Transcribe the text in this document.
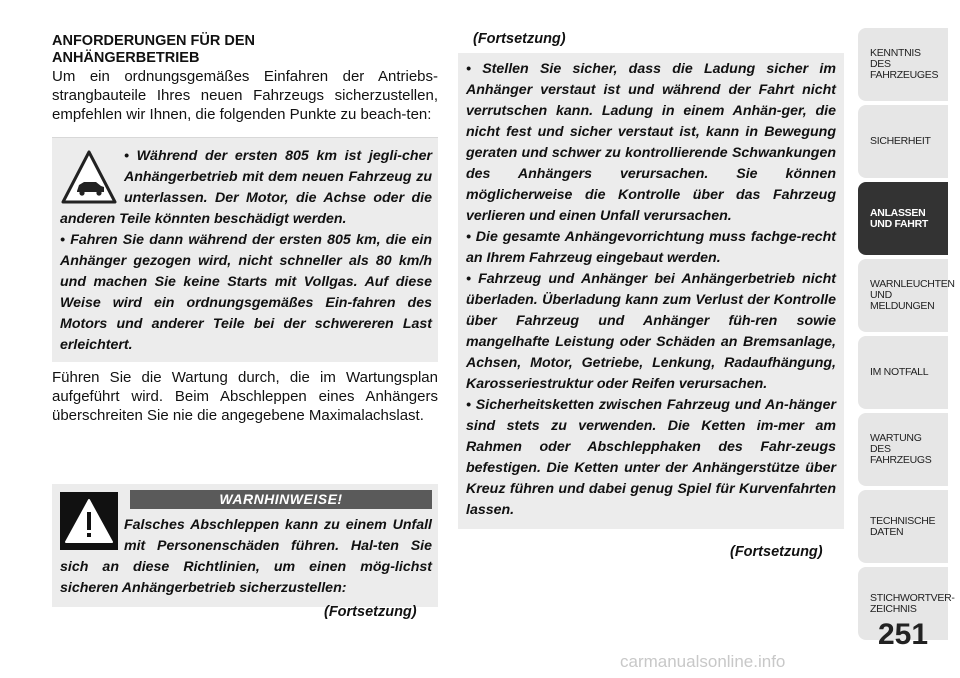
ANFORDERUNGEN FÜR DEN
ANHÄNGERBETRIEB

Um ein ordnungsgemäßes Einfahren der Antriebs-strangbauteile Ihres neuen Fahrzeugs sicherzustellen, empfehlen wir Ihnen, die folgenden Punkte zu beach-ten:

• Während der ersten 805 km ist jegli-cher Anhängerbetrieb mit dem neuen Fahrzeug zu unterlassen. Der Motor, die Achse oder die anderen Teile könnten beschädigt werden.

• Fahren Sie dann während der ersten 805 km, die ein Anhänger gezogen wird, nicht schneller als 80 km/h und machen Sie keine Starts mit Vollgas. Auf diese Weise wird ein ordnungsgemäßes Ein-fahren des Motors und anderer Teile bei der schwereren Last erleichtert.

Führen Sie die Wartung durch, die im Wartungsplan aufgeführt wird. Beim Abschleppen eines Anhängers überschreiten Sie nie die angegebene Maximalachslast.

WARNHINWEISE!

Falsches Abschleppen kann zu einem Unfall mit Personenschäden führen. Hal-ten Sie sich an diese Richtlinien, um einen mög-lichst sicheren Anhängerbetrieb sicherzustellen:

(Fortsetzung)
(Fortsetzung)

• Stellen Sie sicher, dass die Ladung sicher im Anhänger verstaut ist und während der Fahrt nicht verrutschen kann. Ladung in einem Anhän-ger, die nicht fest und sicher verstaut ist, kann in Bewegung geraten und schwer zu kontrollierende Schwankungen des Anhängers verursachen. Sie können möglicherweise die Kontrolle über das Fahrzeug verlieren und einen Unfall verursachen.

• Die gesamte Anhängevorrichtung muss fachge-recht an Ihrem Fahrzeug eingebaut werden.

• Fahrzeug und Anhänger bei Anhängerbetrieb nicht überladen. Überladung kann zum Verlust der Kontrolle über Fahrzeug und Anhänger füh-ren sowie mangelhafte Leistung oder Schäden an Bremsanlage, Achsen, Motor, Getriebe, Lenkung, Radaufhängung, Karosseriestruktur oder Reifen verursachen.

• Sicherheitsketten zwischen Fahrzeug und An-hänger sind stets zu verwenden. Die Ketten im-mer am Rahmen oder Abschlepphaken des Fahr-zeugs befestigen. Die Ketten unter der Anhängerstütze über Kreuz führen und dabei genug Spiel für Kurvenfahrten lassen.

(Fortsetzung)
KENNTNIS
DES
FAHRZEUGES
SICHERHEIT
ANLASSEN
UND FAHRT
WARNLEUCHTEN
UND
MELDUNGEN
IM NOTFALL
WARTUNG
DES
FAHRZEUGS
TECHNISCHE
DATEN
STICHWORTVER-
ZEICHNIS
251
carmanualsonline.info
